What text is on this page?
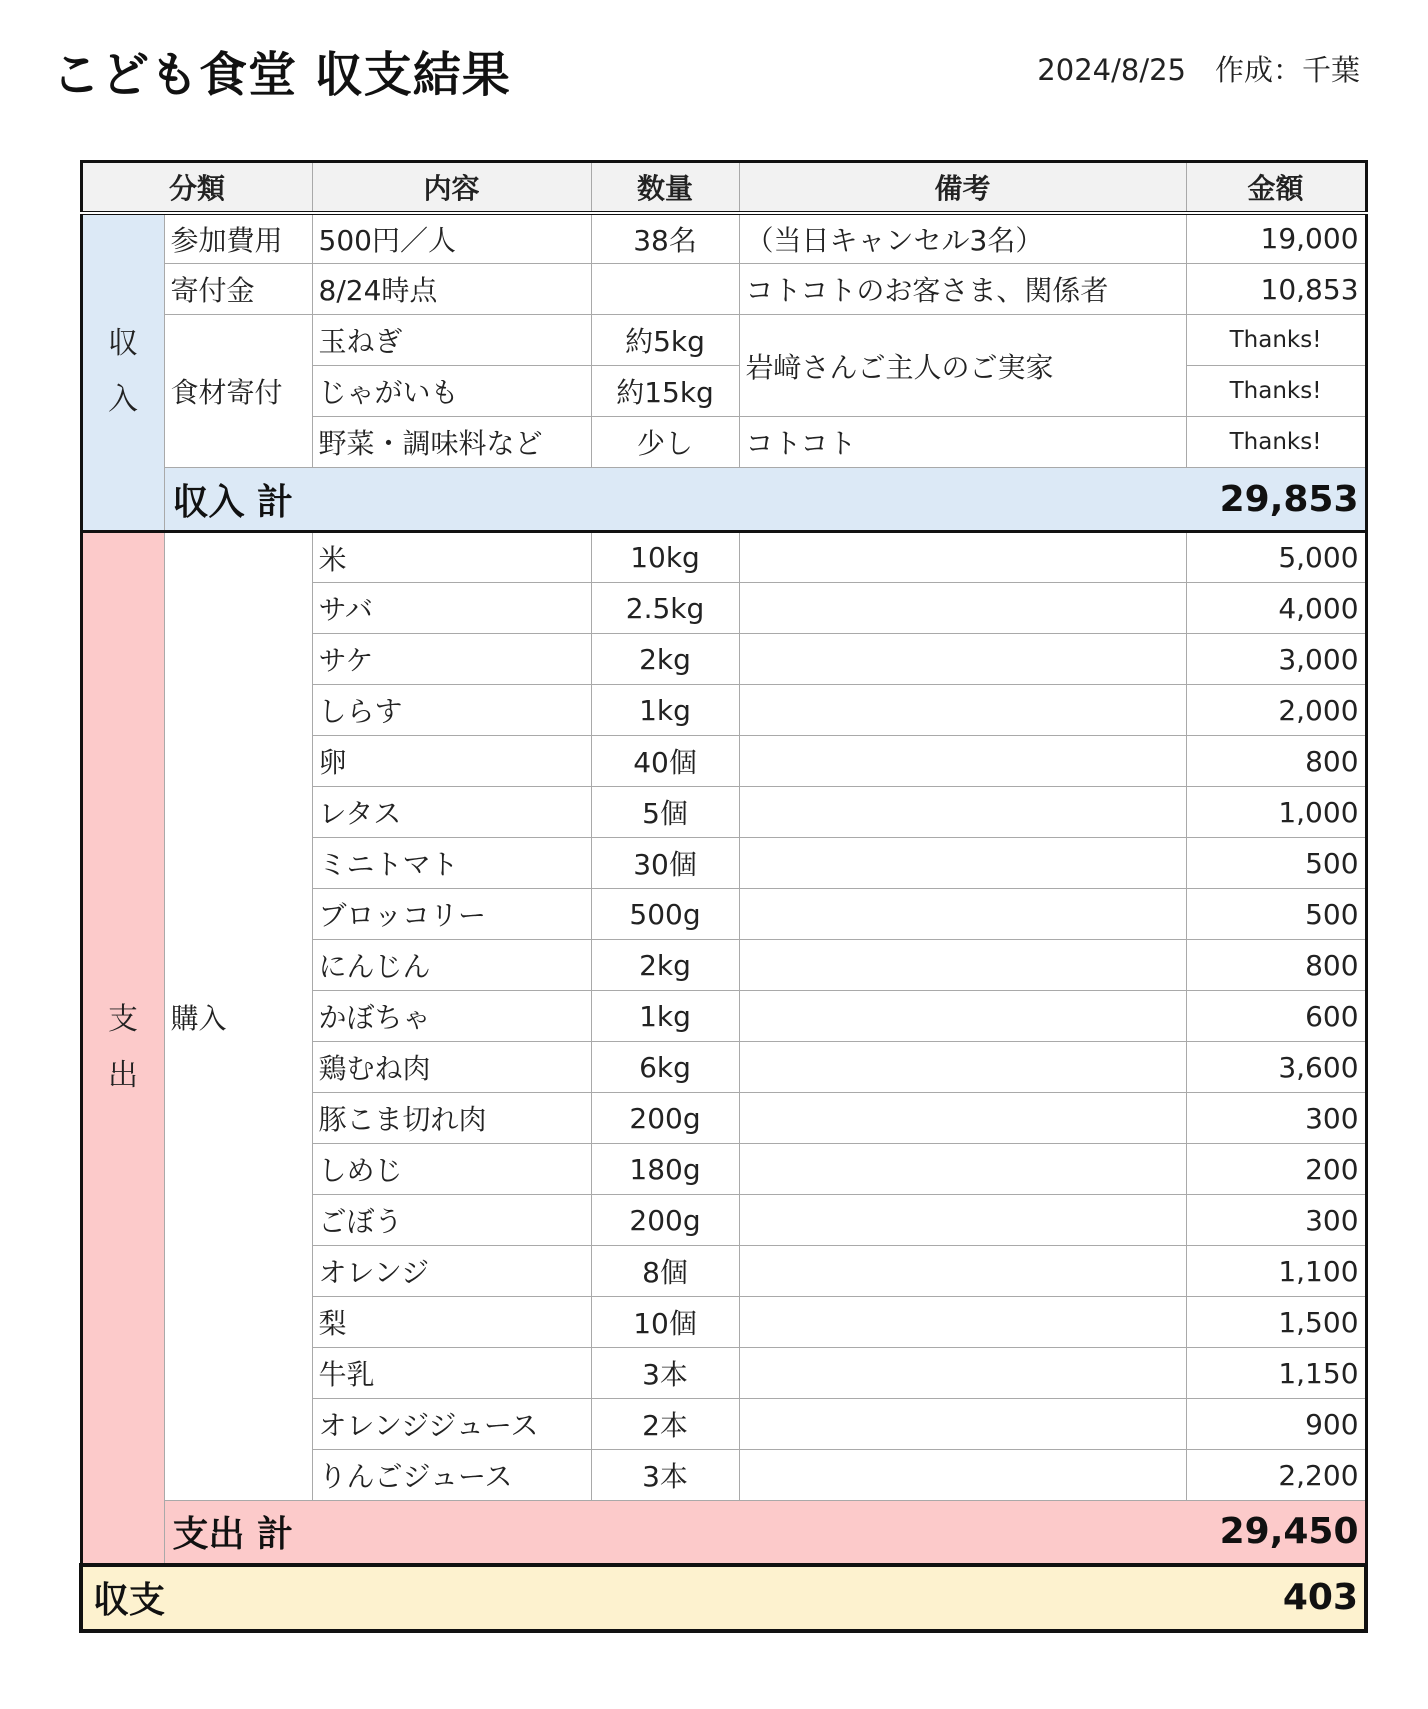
こども食堂 収支結果	2024/8/25　作成：千葉
分類		内容	数量	備考	金額

収
入	参加費用	500円／人	38名	（当日キャンセル3名）	19,000
	寄付金	8/24時点		コトコトのお客さま、関係者	10,853
	食材寄付	玉ねぎ	約5kg	岩﨑さんご主人のご実家	Thanks!
		じゃがいも	約15kg		Thanks!
		野菜・調味料など	少し	コトコト	Thanks!
	収入 計				29,853

支
出	購入	米	10kg		5,000
		サバ	2.5kg		4,000
		サケ	2kg		3,000
		しらす	1kg		2,000
		卵	40個		800
		レタス	5個		1,000
		ミニトマト	30個		500
		ブロッコリー	500g		500
		にんじん	2kg		800
		かぼちゃ	1kg		600
		鶏むね肉	6kg		3,600
		豚こま切れ肉	200g		300
		しめじ	180g		200
		ごぼう	200g		300
		オレンジ	8個		1,100
		梨	10個		1,500
		牛乳	3本		1,150
		オレンジジュース	2本		900
		りんごジュース	3本		2,200
	支出 計				29,450
収支					403
